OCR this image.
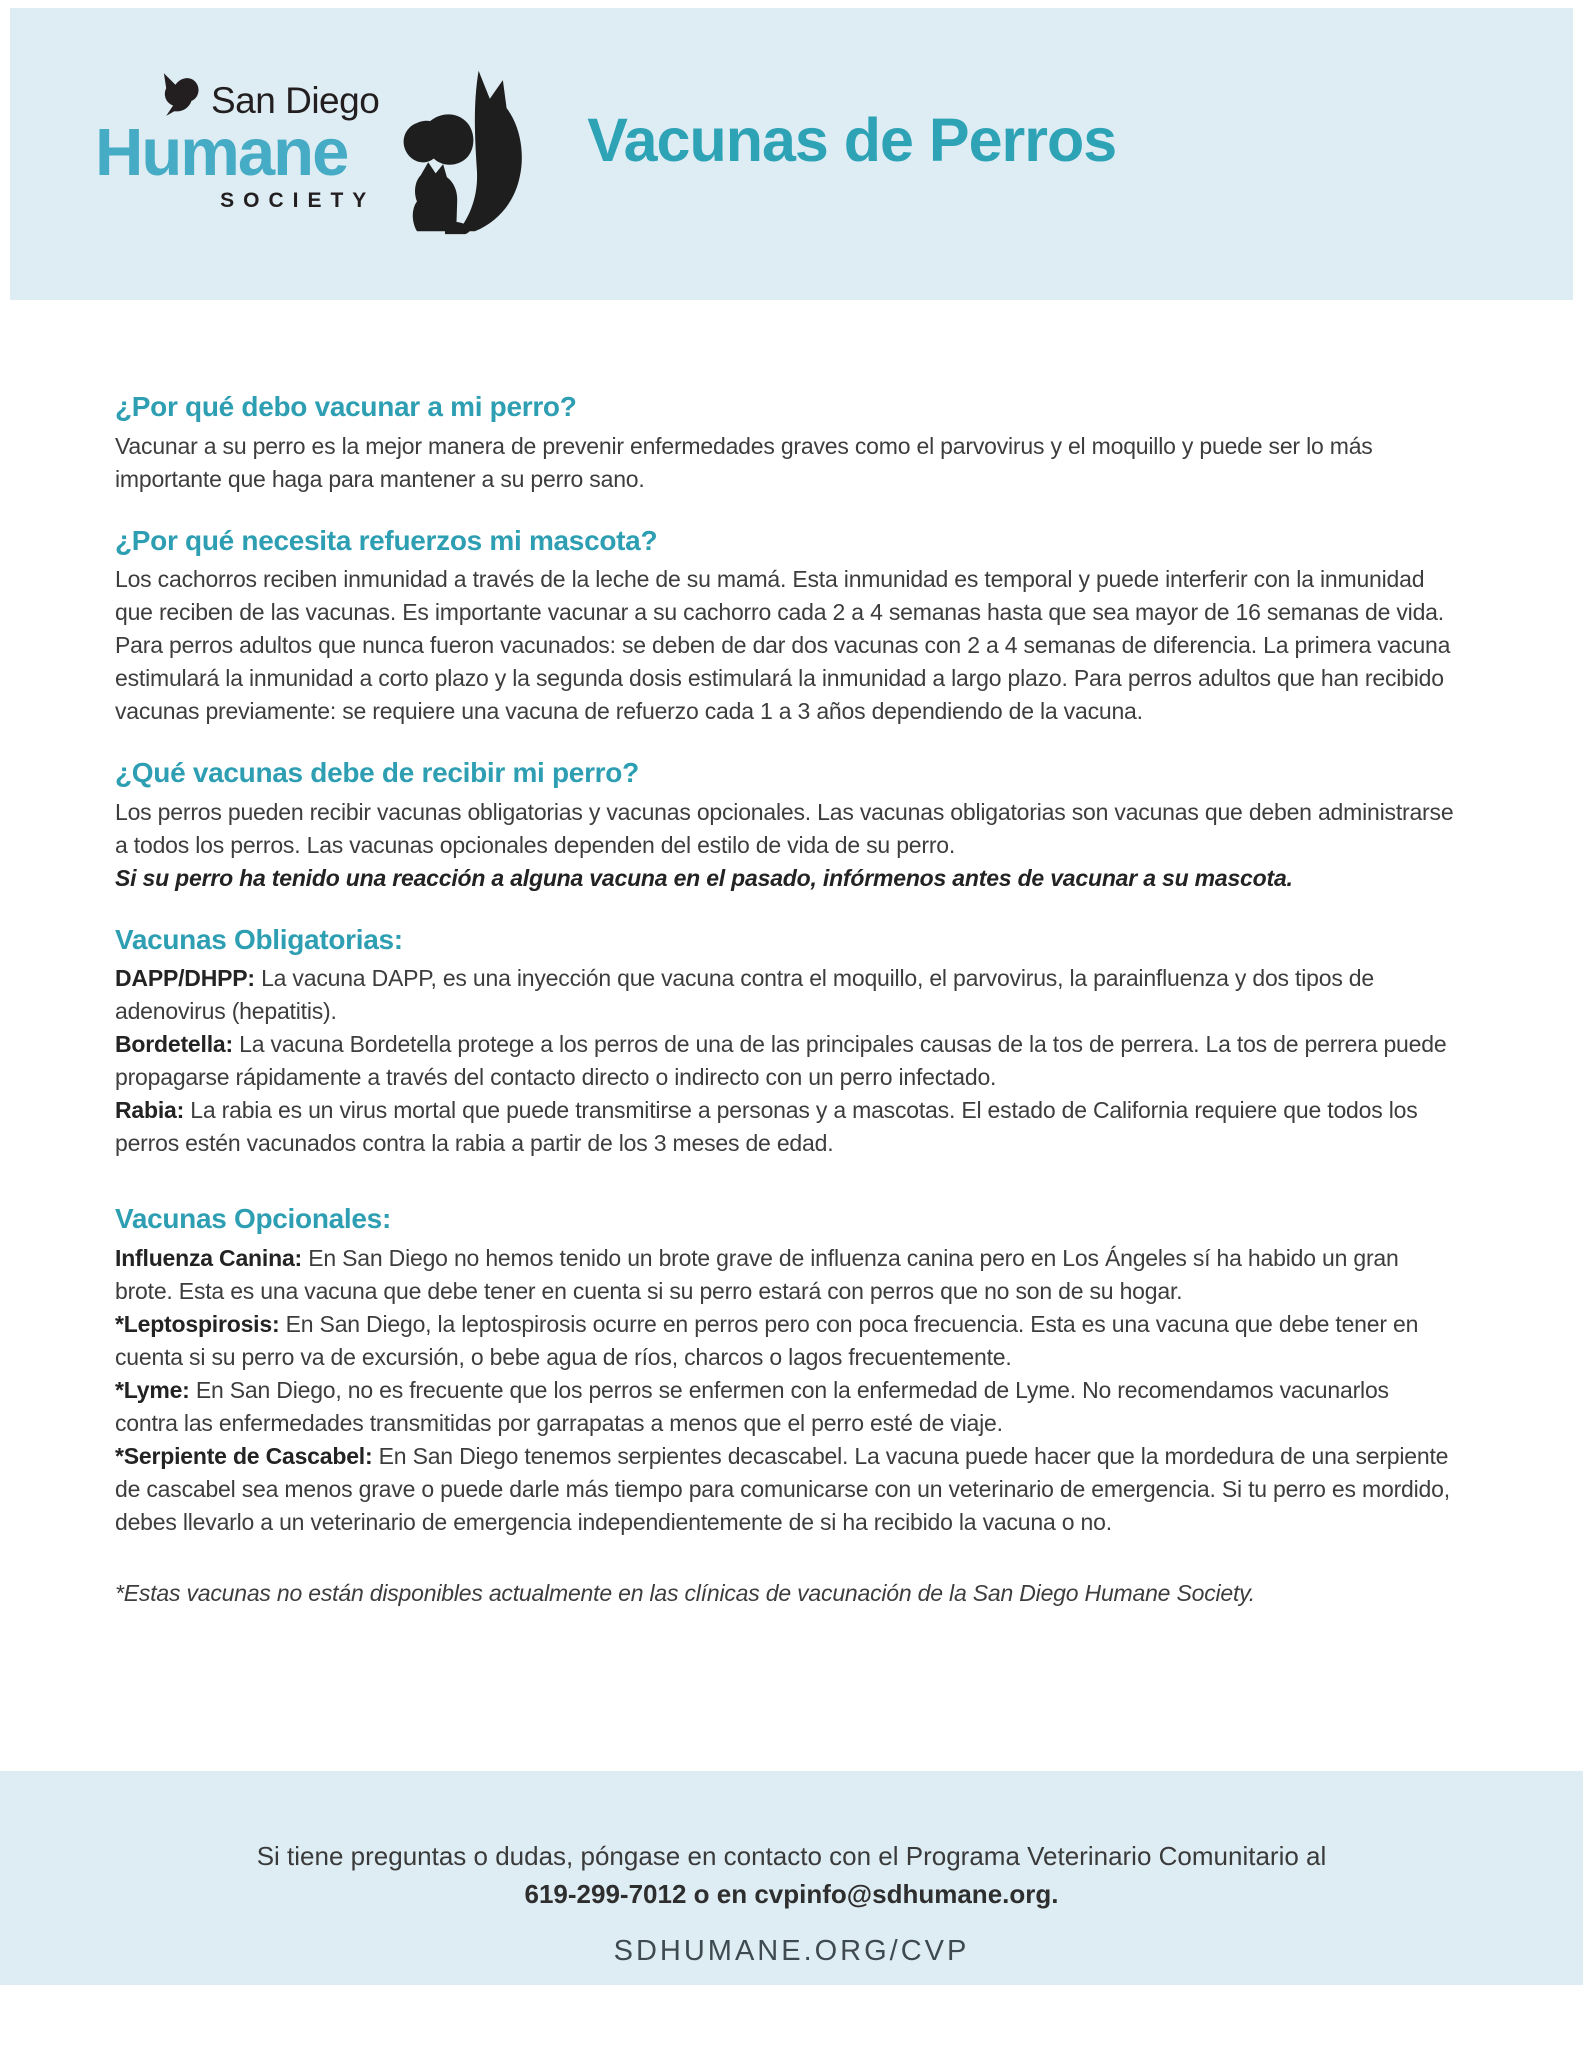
San Diego
Humane
SOCIETY
Vacunas de Perros
¿Por qué debo vacunar a mi perro?

Vacunar a su perro es la mejor manera de prevenir enfermedades graves como el parvovirus y el moquillo y puede ser lo más importante que haga para mantener a su perro sano.

¿Por qué necesita refuerzos mi mascota?

Los cachorros reciben inmunidad a través de la leche de su mamá. Esta inmunidad es temporal y puede interferir con la inmunidad que reciben de las vacunas. Es importante vacunar a su cachorro cada 2 a 4 semanas hasta que sea mayor de 16 semanas de vida.

Para perros adultos que nunca fueron vacunados: se deben de dar dos vacunas con 2 a 4 semanas de diferencia. La primera vacuna estimulará la inmunidad a corto plazo y la segunda dosis estimulará la inmunidad a largo plazo. Para perros adultos que han recibido vacunas previamente: se requiere una vacuna de refuerzo cada 1 a 3 años dependiendo de la vacuna.

¿Qué vacunas debe de recibir mi perro?

Los perros pueden recibir vacunas obligatorias y vacunas opcionales. Las vacunas obligatorias son vacunas que deben administrarse a todos los perros. Las vacunas opcionales dependen del estilo de vida de su perro.

Si su perro ha tenido una reacción a alguna vacuna en el pasado, infórmenos antes de vacunar a su mascota.

Vacunas Obligatorias:

DAPP/DHPP: La vacuna DAPP, es una inyección que vacuna contra el moquillo, el parvovirus, la parainfluenza y dos tipos de adenovirus (hepatitis).

Bordetella: La vacuna Bordetella protege a los perros de una de las principales causas de la tos de perrera. La tos de perrera puede propagarse rápidamente a través del contacto directo o indirecto con un perro infectado.

Rabia: La rabia es un virus mortal que puede transmitirse a personas y a mascotas. El estado de California requiere que todos los perros estén vacunados contra la rabia a partir de los 3 meses de edad.

Vacunas Opcionales:

Influenza Canina: En San Diego no hemos tenido un brote grave de influenza canina pero en Los Ángeles sí ha habido un gran brote. Esta es una vacuna que debe tener en cuenta si su perro estará con perros que no son de su hogar.

*Leptospirosis: En San Diego, la leptospirosis ocurre en perros pero con poca frecuencia. Esta es una vacuna que debe tener en cuenta si su perro va de excursión, o bebe agua de ríos, charcos o lagos frecuentemente.

*Lyme: En San Diego, no es frecuente que los perros se enfermen con la enfermedad de Lyme. No recomendamos vacunarlos contra las enfermedades transmitidas por garrapatas a menos que el perro esté de viaje.

*Serpiente de Cascabel: En San Diego tenemos serpientes decascabel. La vacuna puede hacer que la mordedura de una serpiente de cascabel sea menos grave o puede darle más tiempo para comunicarse con un veterinario de emergencia. Si tu perro es mordido, debes llevarlo a un veterinario de emergencia independientemente de si ha recibido la vacuna o no.

*Estas vacunas no están disponibles actualmente en las clínicas de vacunación de la San Diego Humane Society.

Si tiene preguntas o dudas, póngase en contacto con el Programa Veterinario Comunitario al
619-299-7012 o en cvpinfo@sdhumane.org.
SDHUMANE.ORG/CVP
